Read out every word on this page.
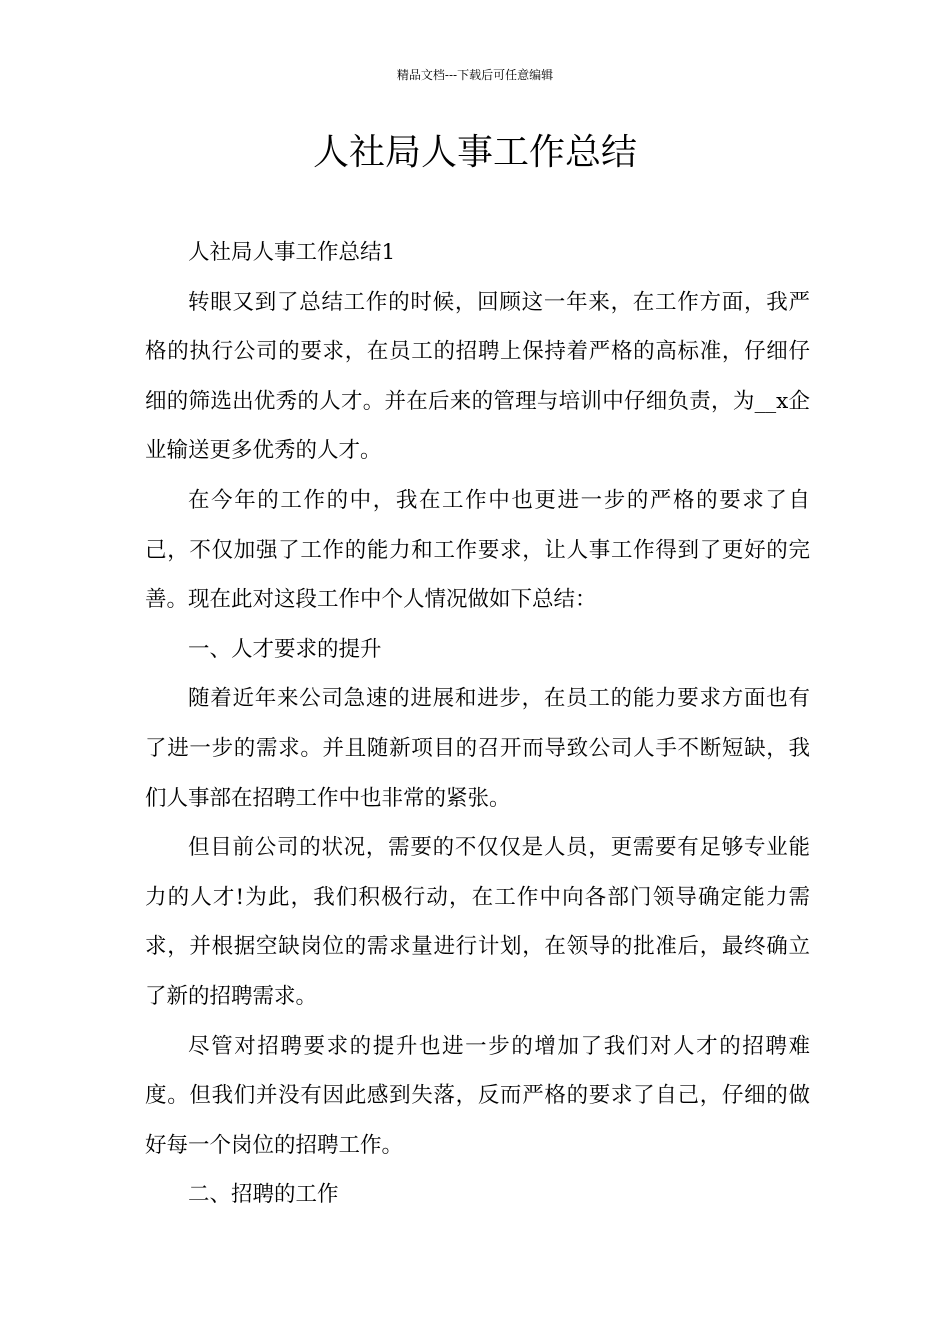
精品文档---下载后可任意编辑
人社局人事工作总结

人社局人事工作总结1

转眼又到了总结工作的时候，回顾这一年来，在工作方面，我严格的执行公司的要求，在员工的招聘上保持着严格的高标准，仔细仔细的筛选出优秀的人才。并在后来的管理与培训中仔细负责，为__x企业输送更多优秀的人才。

在今年的工作的中，我在工作中也更进一步的严格的要求了自己，不仅加强了工作的能力和工作要求，让人事工作得到了更好的完善。现在此对这段工作中个人情况做如下总结：

一、人才要求的提升

随着近年来公司急速的进展和进步，在员工的能力要求方面也有了进一步的需求。并且随新项目的召开而导致公司人手不断短缺，我们人事部在招聘工作中也非常的紧张。

但目前公司的状况，需要的不仅仅是人员，更需要有足够专业能力的人才!为此，我们积极行动，在工作中向各部门领导确定能力需求，并根据空缺岗位的需求量进行计划，在领导的批准后，最终确立了新的招聘需求。

尽管对招聘要求的提升也进一步的增加了我们对人才的招聘难度。但我们并没有因此感到失落，反而严格的要求了自己，仔细的做好每一个岗位的招聘工作。

二、招聘的工作
